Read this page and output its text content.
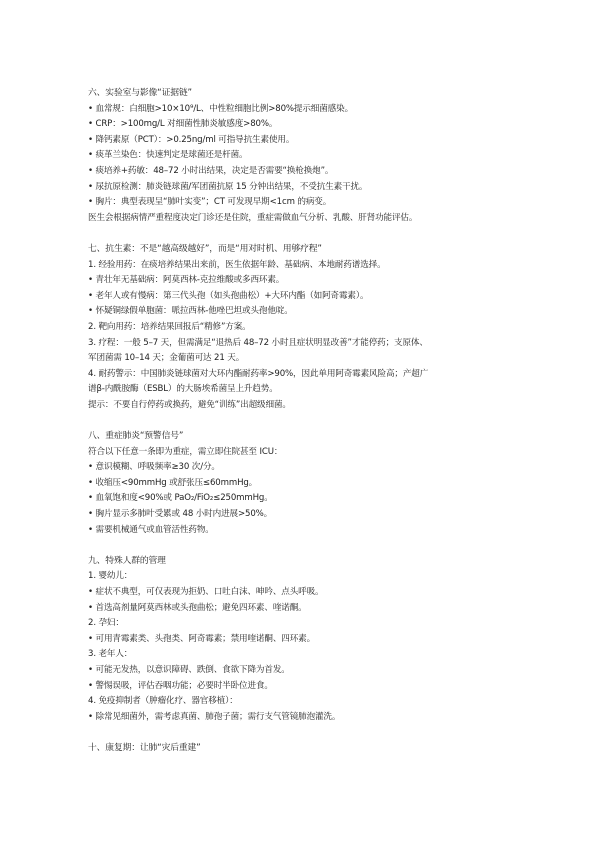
六、实验室与影像“证据链”
• 血常规：白细胞>10×10⁹/L、中性粒细胞比例>80%提示细菌感染。
• CRP：>100mg/L 对细菌性肺炎敏感度>80%。
• 降钙素原（PCT）：>0.25ng/ml 可指导抗生素使用。
• 痰革兰染色：快速判定是球菌还是杆菌。
• 痰培养+药敏：48–72 小时出结果，决定是否需要“换枪换炮”。
• 尿抗原检测：肺炎链球菌/军团菌抗原 15 分钟出结果，不受抗生素干扰。
• 胸片：典型表现呈“肺叶实变”；CT 可发现早期<1cm 的病变。
医生会根据病情严重程度决定门诊还是住院，重症需做血气分析、乳酸、肝肾功能评估。
七、抗生素：不是“越高级越好”，而是“用对时机、用够疗程”
1. 经验用药：在痰培养结果出来前，医生依据年龄、基础病、本地耐药谱选择。
• 青壮年无基础病：阿莫西林-克拉维酸或多西环素。
• 老年人或有慢病：第三代头孢（如头孢曲松）+大环内酯（如阿奇霉素）。
• 怀疑铜绿假单胞菌：哌拉西林-他唑巴坦或头孢他啶。
2. 靶向用药：培养结果回报后“精修”方案。
3. 疗程：一般 5–7 天，但需满足“退热后 48–72 小时且症状明显改善”才能停药；支原体、
军团菌需 10–14 天；金葡菌可达 21 天。
4. 耐药警示：中国肺炎链球菌对大环内酯耐药率>90%，因此单用阿奇霉素风险高；产超广
谱β-内酰胺酶（ESBL）的大肠埃希菌呈上升趋势。
提示：不要自行停药或换药，避免“训练”出超级细菌。
八、重症肺炎“预警信号”
符合以下任意一条即为重症，需立即住院甚至 ICU：
• 意识模糊、呼吸频率≥30 次/分。
• 收缩压<90mmHg 或舒张压≤60mmHg。
• 血氧饱和度<90%或 PaO₂/FiO₂≤250mmHg。
• 胸片显示多肺叶受累或 48 小时内进展>50%。
• 需要机械通气或血管活性药物。
九、特殊人群的管理
1. 婴幼儿：
• 症状不典型，可仅表现为拒奶、口吐白沫、呻吟、点头呼吸。
• 首选高剂量阿莫西林或头孢曲松；避免四环素、喹诺酮。
2. 孕妇：
• 可用青霉素类、头孢类、阿奇霉素；禁用喹诺酮、四环素。
3. 老年人：
• 可能无发热，以意识障碍、跌倒、食欲下降为首发。
• 警惕误吸，评估吞咽功能；必要时半卧位进食。
4. 免疫抑制者（肿瘤化疗、器官移植）：
• 除常见细菌外，需考虑真菌、肺孢子菌；需行支气管镜肺泡灌洗。
十、康复期：让肺“灾后重建”
